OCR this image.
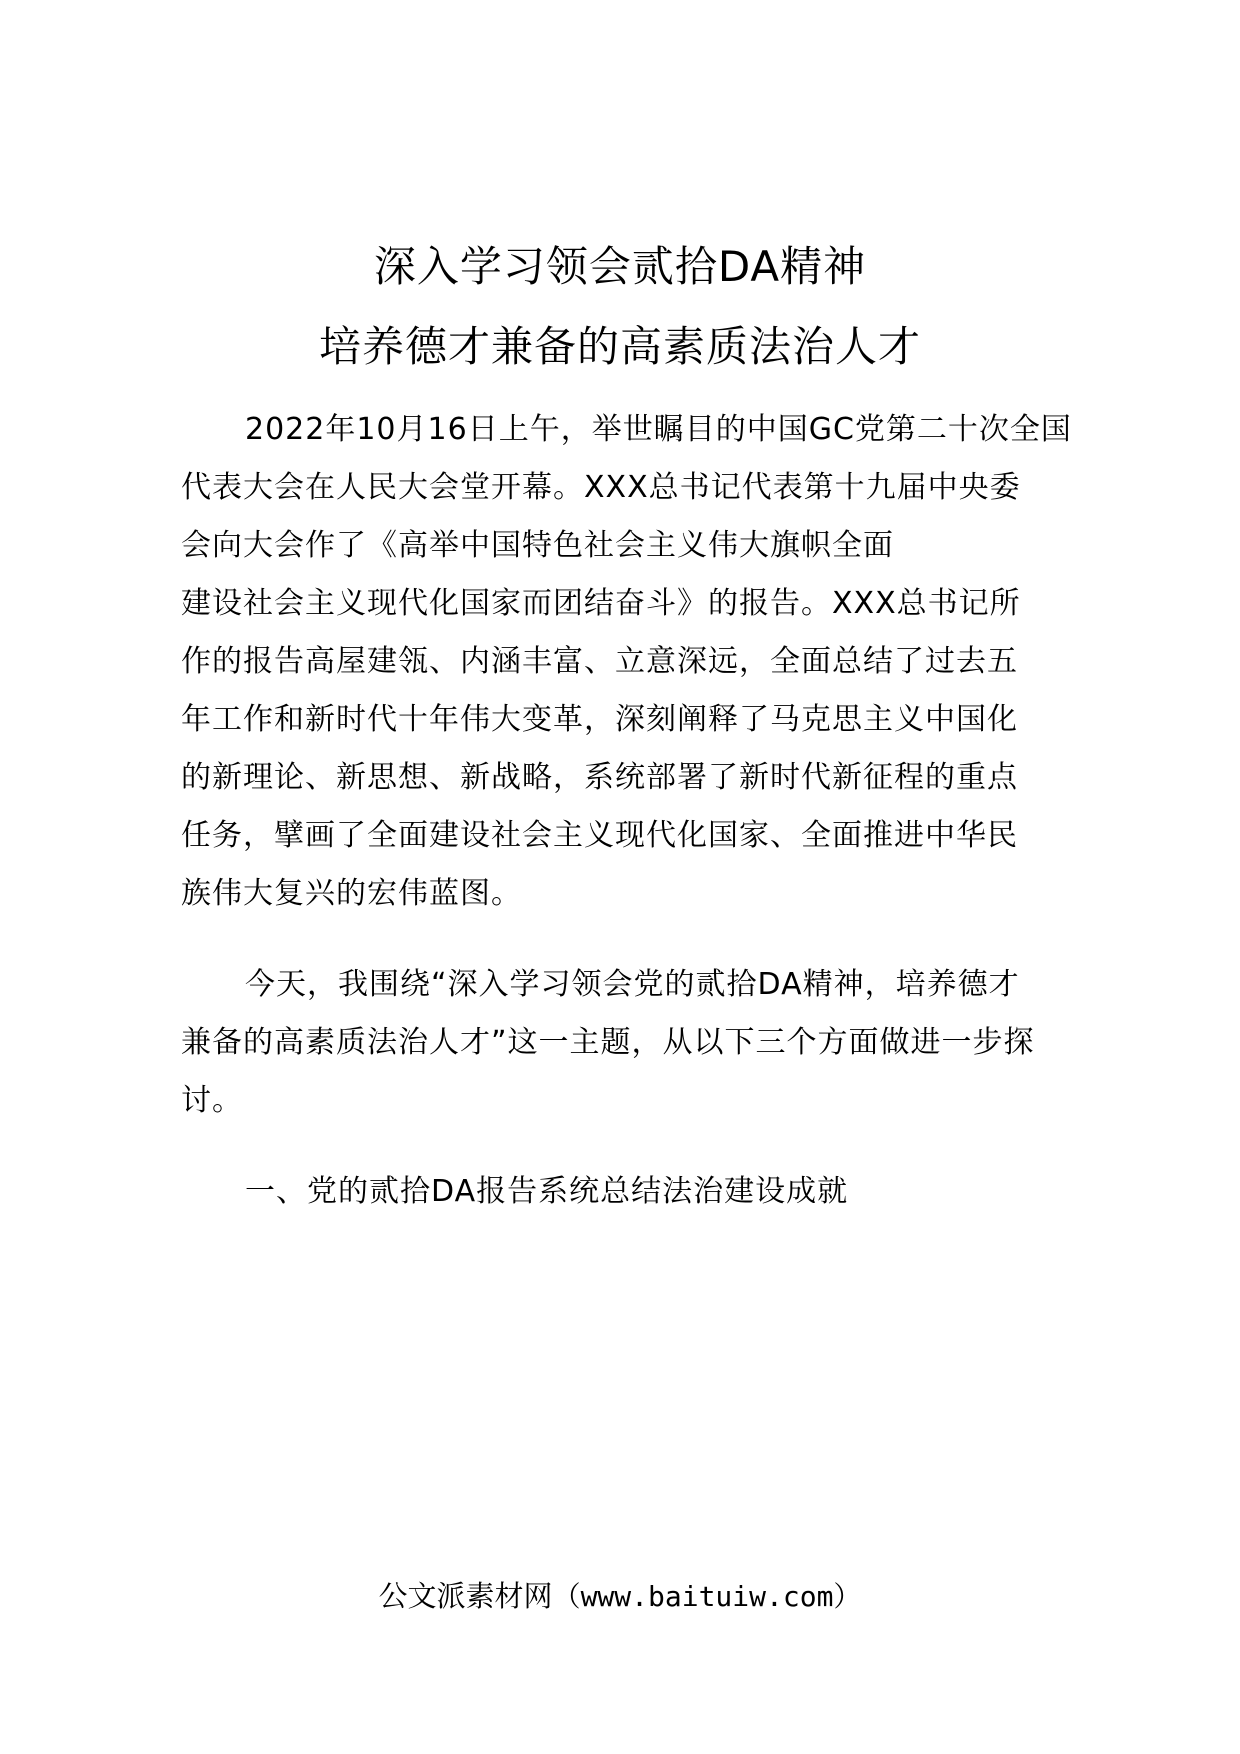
深入学习领会贰拾DA精神
培养德才兼备的高素质法治人才
2022年10月16日上午，举世瞩目的中国GC党第二十次全国
代表大会在人民大会堂开幕。XXX总书记代表第十九届中央委
会向大会作了《高举中国特色社会主义伟大旗帜全面
建设社会主义现代化国家而团结奋斗》的报告。XXX总书记所
作的报告高屋建瓴、内涵丰富、立意深远，全面总结了过去五
年工作和新时代十年伟大变革，深刻阐释了马克思主义中国化
的新理论、新思想、新战略，系统部署了新时代新征程的重点
任务，擘画了全面建设社会主义现代化国家、全面推进中华民
族伟大复兴的宏伟蓝图。
今天，我围绕“深入学习领会党的贰拾DA精神，培养德才
兼备的高素质法治人才”这一主题，从以下三个方面做进一步探
讨。
一、党的贰拾DA报告系统总结法治建设成就
公文派素材网（www.baituiw.com）
